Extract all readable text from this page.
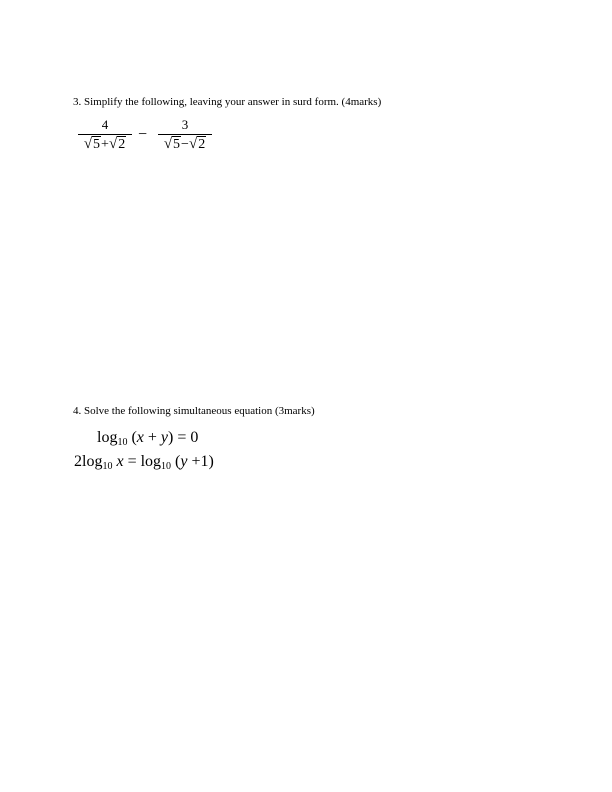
3. Simplify the following, leaving your answer in surd form. (4marks)
4
√5+√2
−
3
√5−√2
4. Solve the following simultaneous equation (3marks)
$\log_{10} (x + y) = 0$
$2\log_{10}$ $x = \log_{10} (y +1)$
